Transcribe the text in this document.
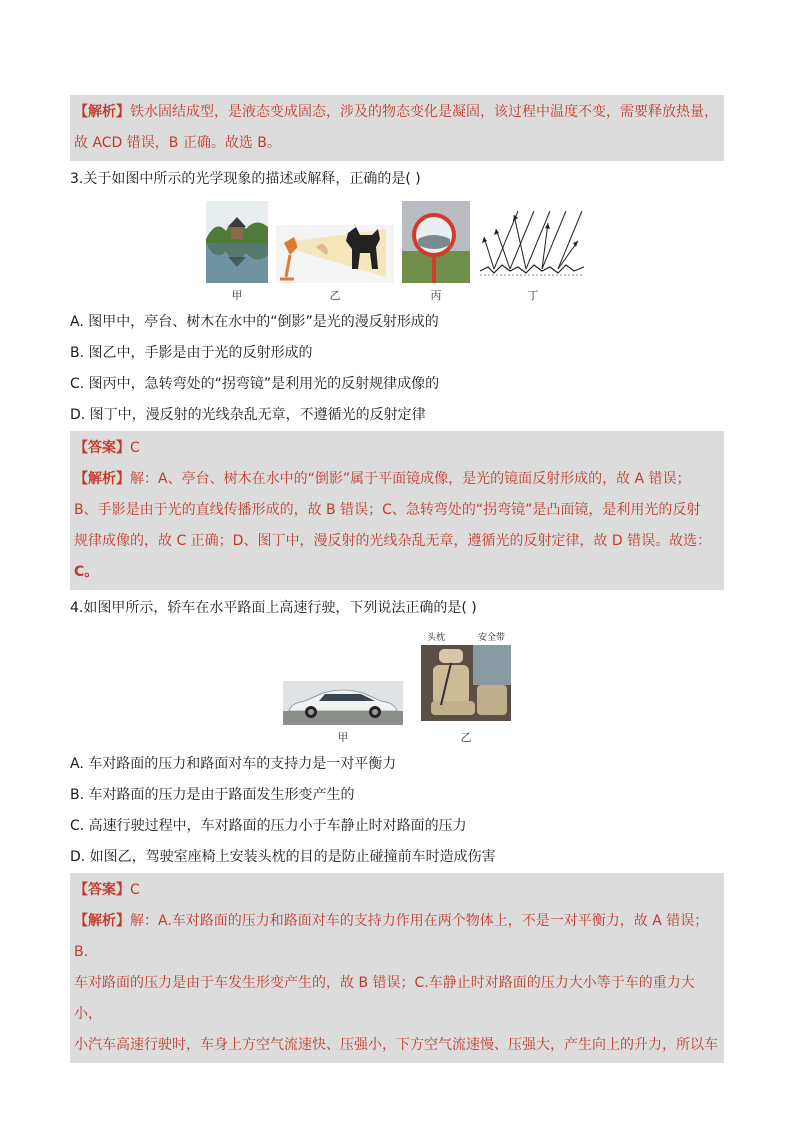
【解析】铁水固结成型，是液态变成固态，涉及的物态变化是凝固，该过程中温度不变，需要释放热量，

故 ACD 错误，B 正确。故选 B。

3.关于如图中所示的光学现象的描述或解释，正确的是( )

甲	乙	丙	丁

A. 图甲中，亭台、树木在水中的“倒影”是光的漫反射形成的

B. 图乙中，手影是由于光的反射形成的

C. 图丙中，急转弯处的“拐弯镜”是利用光的反射规律成像的

D. 图丁中，漫反射的光线杂乱无章，不遵循光的反射定律

【答案】C

【解析】解：A、亭台、树木在水中的“倒影”属于平面镜成像，是光的镜面反射形成的，故 A 错误；

B、手影是由于光的直线传播形成的，故 B 错误；C、急转弯处的“拐弯镜”是凸面镜，是利用光的反射

规律成像的，故 C 正确；D、图丁中，漫反射的光线杂乱无章，遵循光的反射定律，故 D 错误。故选：

C。

4.如图甲所示，轿车在水平路面上高速行驶，下列说法正确的是( )

甲
头枕	安全带
乙

A. 车对路面的压力和路面对车的支持力是一对平衡力

B. 车对路面的压力是由于路面发生形变产生的

C. 高速行驶过程中，车对路面的压力小于车静止时对路面的压力

D. 如图乙，驾驶室座椅上安装头枕的目的是防止碰撞前车时造成伤害

【答案】C

【解析】解：A.车对路面的压力和路面对车的支持力作用在两个物体上，不是一对平衡力，故 A 错误；B.

车对路面的压力是由于车发生形变产生的，故 B 错误；C.车静止时对路面的压力大小等于车的重力大小，

小汽车高速行驶时，车身上方空气流速快、压强小，下方空气流速慢、压强大，产生向上的升力，所以车
